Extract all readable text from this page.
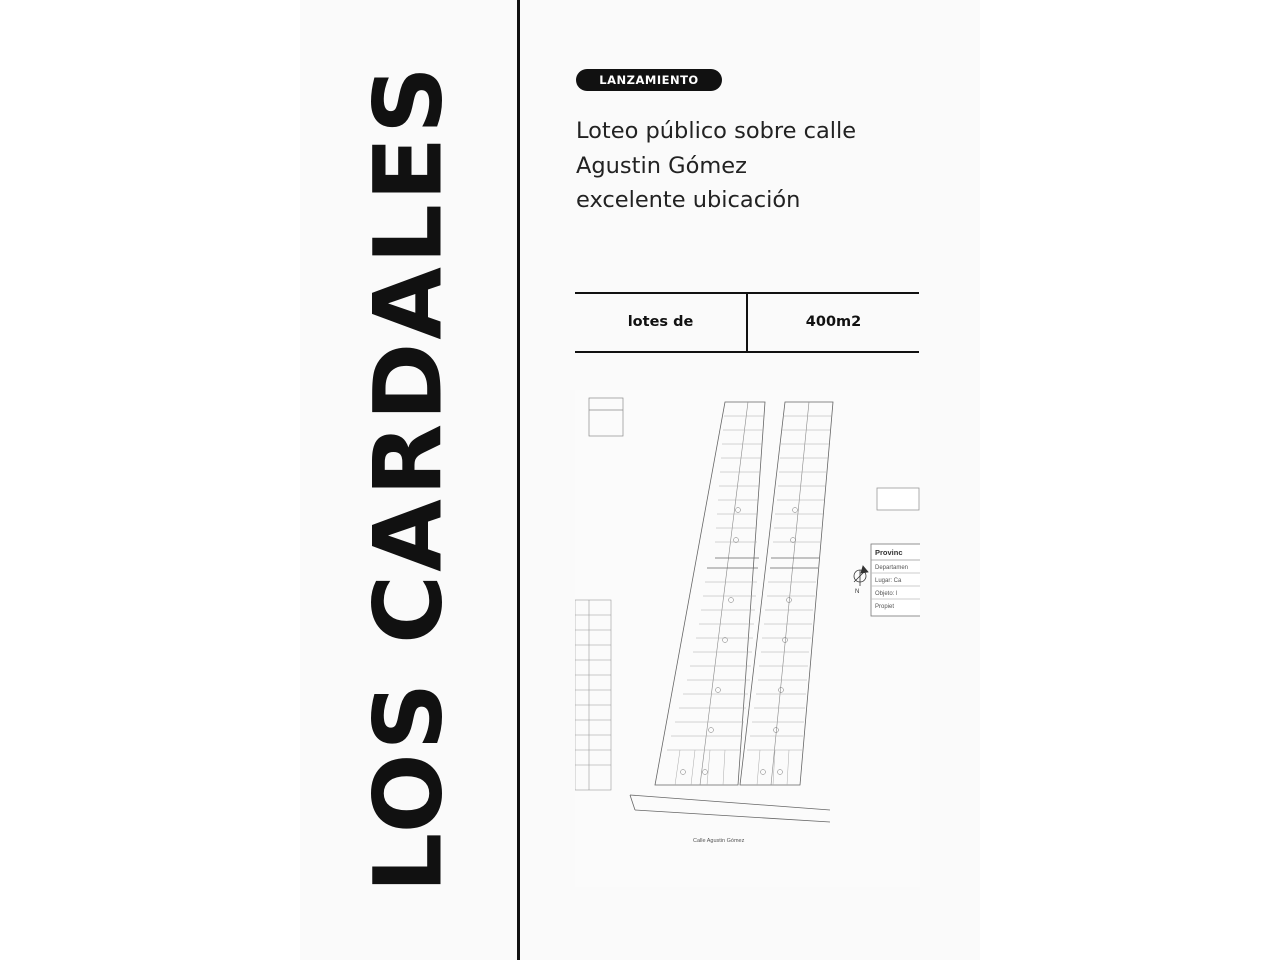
LOS CARDALES	LANZAMIENTO
Loteo público sobre calle
Agustin Gómez
excelente ubicación
lotes de	400m2
Provinc
Departamen
Lugar: Ca
Objeto: l
Propiet
N
Calle Agustin Gómez
